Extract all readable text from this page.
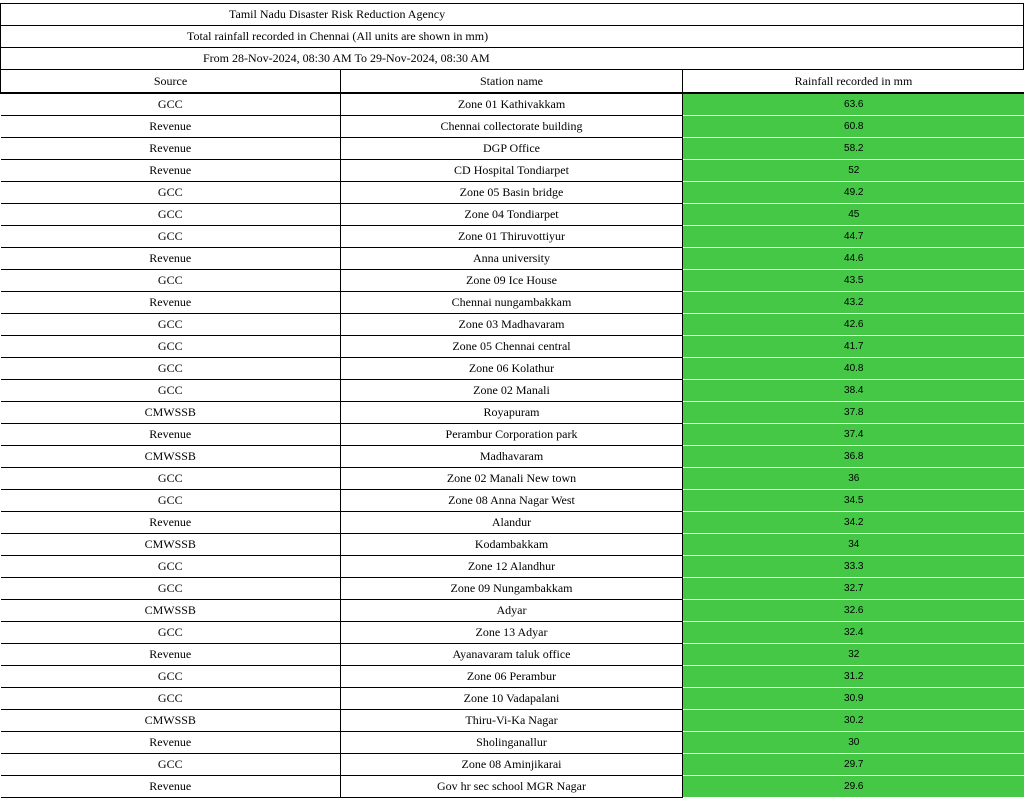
Tamil Nadu Disaster Risk Reduction Agency
Total rainfall recorded in Chennai (All units are shown in mm)
From 28-Nov-2024, 08:30 AM To 29-Nov-2024, 08:30 AM
Source	Station name	Rainfall recorded in mm
GCC	Zone 01 Kathivakkam	63.6
Revenue	Chennai collectorate building	60.8
Revenue	DGP Office	58.2
Revenue	CD Hospital Tondiarpet	52
GCC	Zone 05 Basin bridge	49.2
GCC	Zone 04 Tondiarpet	45
GCC	Zone 01 Thiruvottiyur	44.7
Revenue	Anna university	44.6
GCC	Zone 09 Ice House	43.5
Revenue	Chennai nungambakkam	43.2
GCC	Zone 03 Madhavaram	42.6
GCC	Zone 05 Chennai central	41.7
GCC	Zone 06 Kolathur	40.8
GCC	Zone 02 Manali	38.4
CMWSSB	Royapuram	37.8
Revenue	Perambur Corporation park	37.4
CMWSSB	Madhavaram	36.8
GCC	Zone 02 Manali New town	36
GCC	Zone 08 Anna Nagar West	34.5
Revenue	Alandur	34.2
CMWSSB	Kodambakkam	34
GCC	Zone 12 Alandhur	33.3
GCC	Zone 09 Nungambakkam	32.7
CMWSSB	Adyar	32.6
GCC	Zone 13 Adyar	32.4
Revenue	Ayanavaram taluk office	32
GCC	Zone 06 Perambur	31.2
GCC	Zone 10 Vadapalani	30.9
CMWSSB	Thiru-Vi-Ka Nagar	30.2
Revenue	Sholinganallur	30
GCC	Zone 08 Aminjikarai	29.7
Revenue	Gov hr sec school MGR Nagar	29.6
